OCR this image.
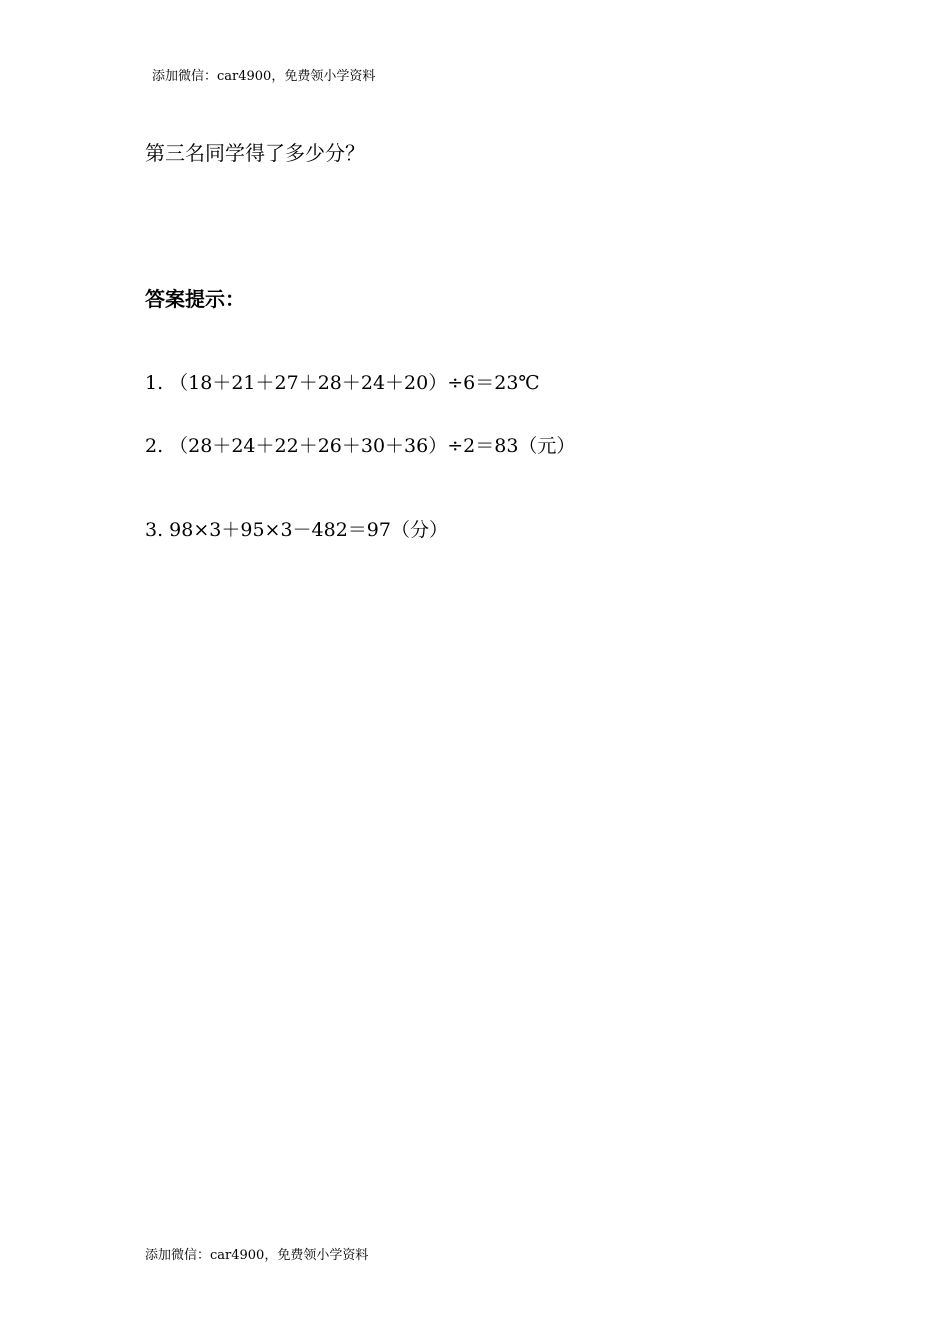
添加微信：car4900，免费领小学资料
第三名同学得了多少分？
答案提示：
1. （18＋21＋27＋28＋24＋20）÷6＝23℃
2. （28＋24＋22＋26＋30＋36）÷2＝83（元）
3. 98×3＋95×3－482＝97（分）
添加微信：car4900，免费领小学资料
